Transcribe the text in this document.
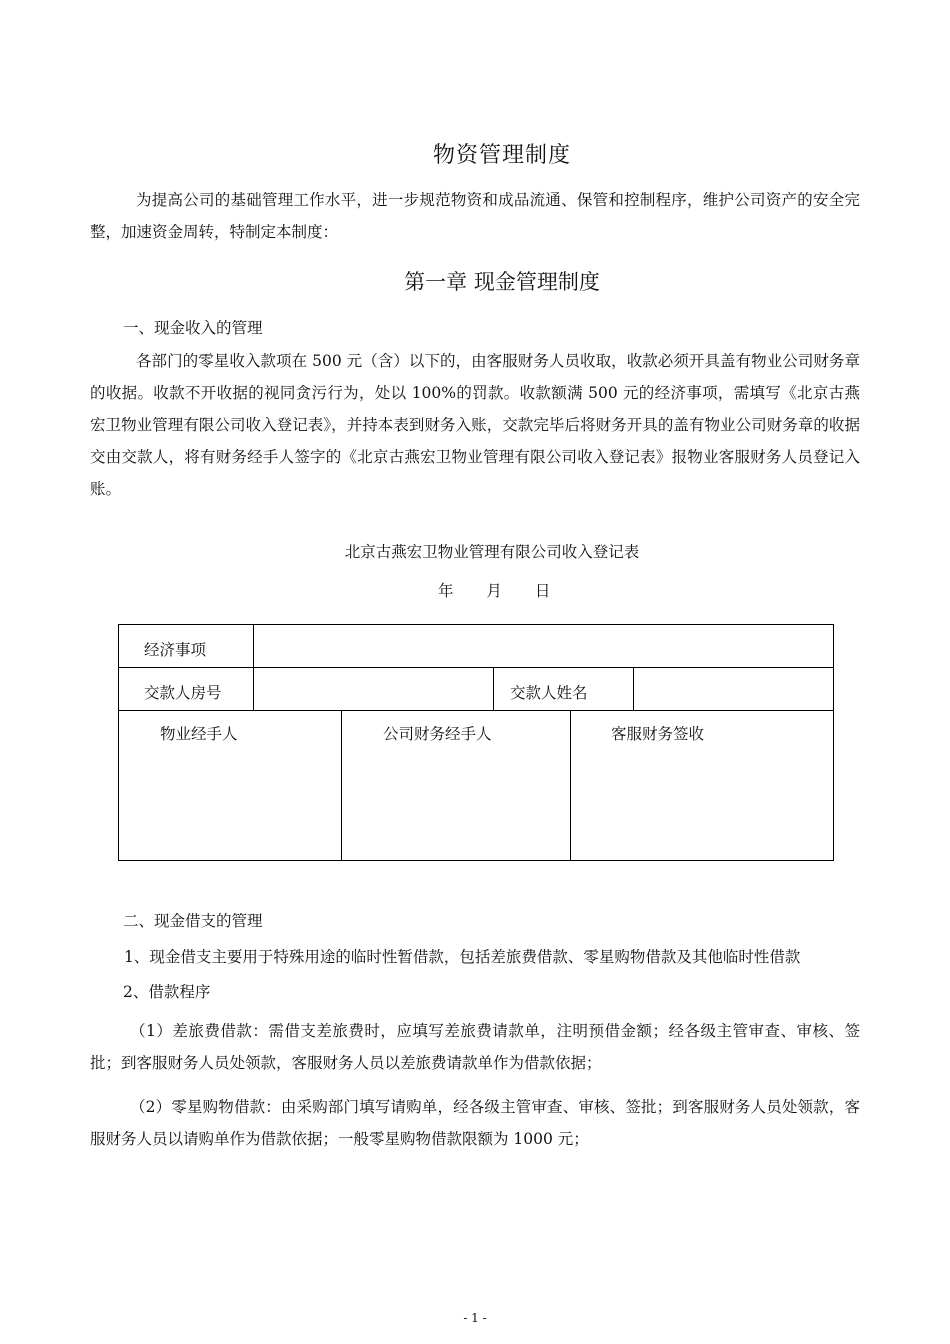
物资管理制度
为提高公司的基础管理工作水平，进一步规范物资和成品流通、保管和控制程序，维护公司资产的安全完整，加速资金周转，特制定本制度：
第一章 现金管理制度
一、现金收入的管理
各部门的零星收入款项在 500 元（含）以下的，由客服财务人员收取，收款必须开具盖有物业公司财务章的收据。收款不开收据的视同贪污行为，处以 100%的罚款。收款额满 500 元的经济事项，需填写《北京古燕宏卫物业管理有限公司收入登记表》，并持本表到财务入账，交款完毕后将财务开具的盖有物业公司财务章的收据交由交款人，将有财务经手人签字的《北京古燕宏卫物业管理有限公司收入登记表》报物业客服财务人员登记入账。
北京古燕宏卫物业管理有限公司收入登记表
年 月 日
经济事项
交款人房号	交款人姓名
物业经手人	公司财务经手人	客服财务签收
二、现金借支的管理
1、现金借支主要用于特殊用途的临时性暂借款，包括差旅费借款、零星购物借款及其他临时性借款
2、借款程序
（1）差旅费借款：需借支差旅费时，应填写差旅费请款单，注明预借金额；经各级主管审查、审核、签批；到客服财务人员处领款，客服财务人员以差旅费请款单作为借款依据；
（2）零星购物借款：由采购部门填写请购单，经各级主管审查、审核、签批；到客服财务人员处领款，客服财务人员以请购单作为借款依据；一般零星购物借款限额为 1000 元；
- 1 -
